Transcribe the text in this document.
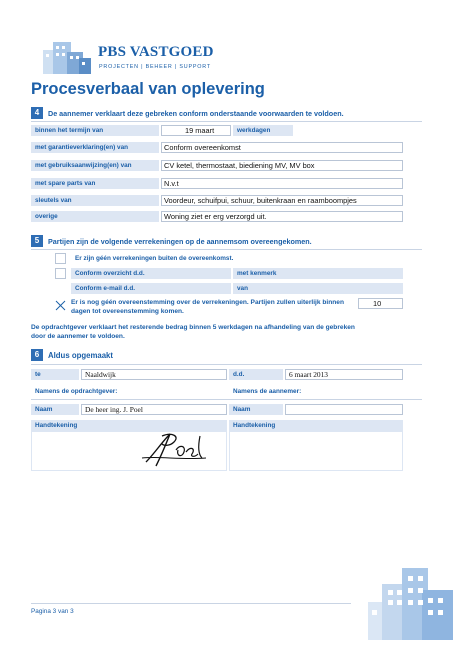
PBS VASTGOED
PROJECTEN | BEHEER | SUPPORT
Procesverbaal van oplevering
4	De aannemer verklaart deze gebreken conform onderstaande voorwaarden te voldoen.
binnen het termijn van	19 maart	werkdagen
met garantieverklaring(en) van	Conform overeenkomst
met gebruiksaanwijzing(en) van	CV ketel, thermostaat, biediening MV, MV box
met spare parts van	N.v.t
sleutels van	Voordeur, schuifpui, schuur, buitenkraan en raamboompjes
overige	Woning ziet er erg verzorgd uit.
5	Partijen zijn de volgende verrekeningen op de aannemsom overeengekomen.
Er zijn géén verrekeningen buiten de overeenkomst.
Conform overzicht d.d.	met kenmerk
Conform e-mail d.d.	van
Er is nog géén overeenstemming over de verrekeningen. Partijen zullen uiterlijk binnen dagen tot overeenstemming komen.
10
De opdrachtgever verklaart het resterende bedrag binnen 5 werkdagen na afhandeling van de gebreken door de aannemer te voldoen.
6	Aldus opgemaakt
te	Naaldwijk	d.d.	6 maart 2013
Namens de opdrachtgever:	Namens de aannemer:
Naam	De heer ing. J. Poel	Naam
Handtekening	Handtekening
Pagina 3 van 3
